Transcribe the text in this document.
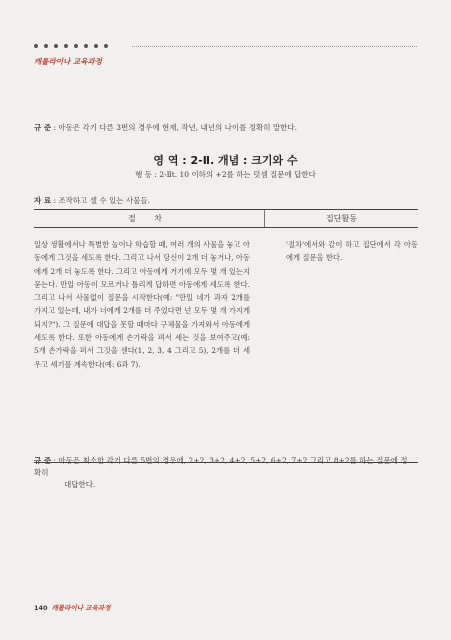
캐롤라이나 교육과정
규 준 : 아동은 각기 다른 3번의 경우에 현재, 작년, 내년의 나이를 정확히 말한다.
영 역 : 2-Ⅱ. 개념 : 크기와 수
행 동 : 2-Ⅱt. 10 이하의 +2를 하는 덧셈 질문에 답한다
자 료 : 조작하고 셀 수 있는 사물들.
절 차	집단활동
일상 생활에서나 특별한 놀이나 학습할 때, 여러 개의 사물을 놓고 아동에게 그것을 세도록 한다. 그리고 나서 당신이 2개 더 놓거나, 아동에게 2개 더 놓도록 한다. 그리고 아동에게 거기에 모두 몇 개 있는지 묻는다. 만일 아동이 모르거나 틀리게 답하면 아동에게 세도록 한다. 그리고 나서 사물없이 질문을 시작한다(예: "만일 네가 과자 2개를 가지고 있는데, 내가 너에게 2개를 더 주었다면 넌 모두 몇 개 가지게 되지?"). 그 질문에 대답을 못할 때마다 구체물을 가져와서 아동에게 세도록 한다. 또한 아동에게 손가락을 펴서 세는 것을 보여주고(예: 5개 손가락을 펴서 그것을 센다(1, 2, 3, 4 그리고 5), 2개를 더 세우고 세기를 계속한다(예: 6과 7).
'절차'에서와 같이 하고 집단에서 각 아동에게 질문을 한다.
규 준 : 아동은 최소한 각기 다른 5번의 경우에, 2+2, 3+2, 4+2, 5+2, 6+2, 7+2 그리고 8+2를 하는 질문에 정확히
대답한다.
140 캐롤라이나 교육과정
